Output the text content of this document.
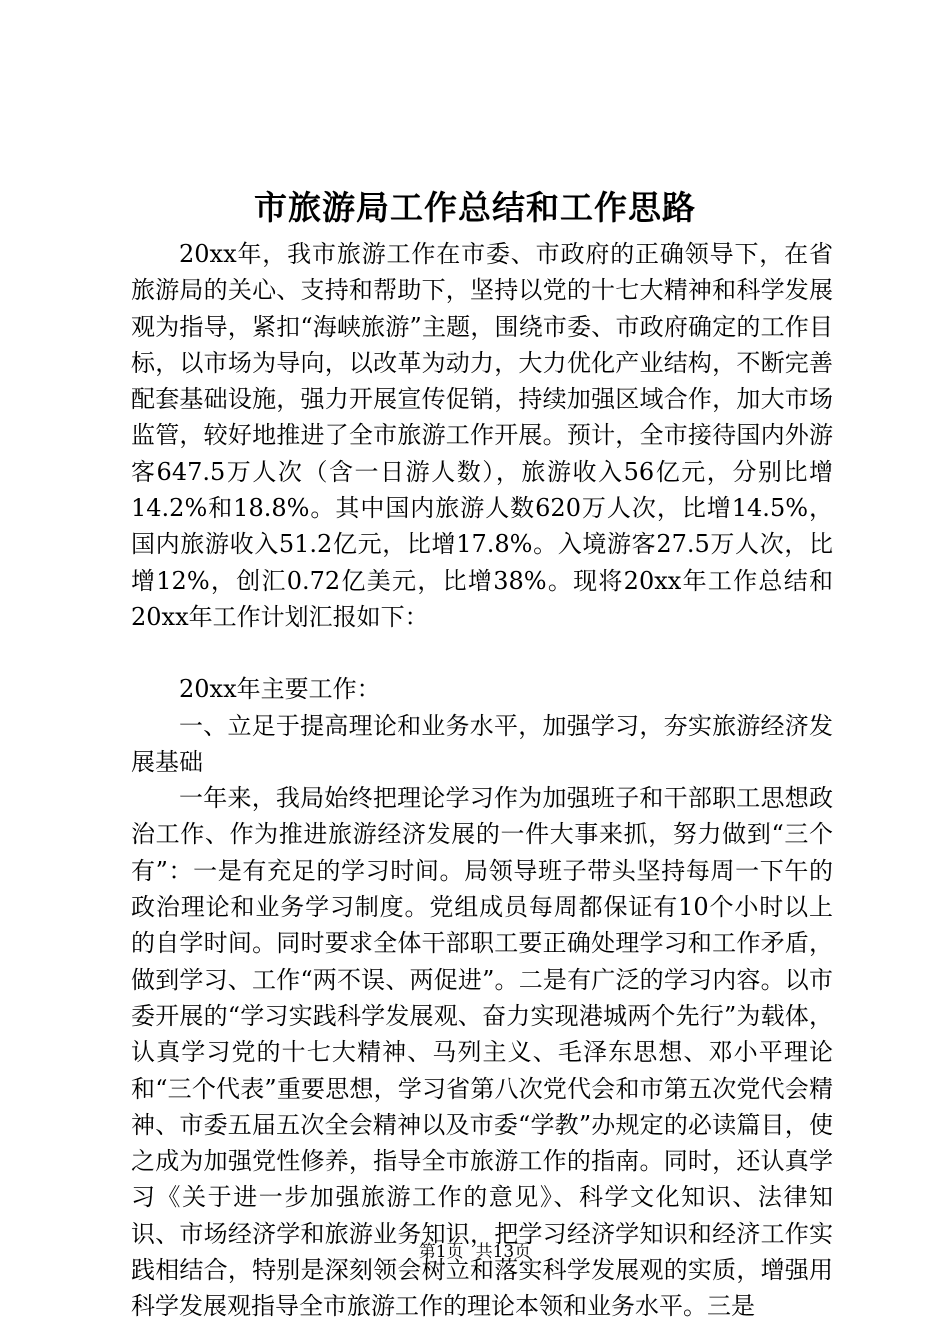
市旅游局工作总结和工作思路

20xx年，我市旅游工作在市委、市政府的正确领导下，在省旅游局的关心、支持和帮助下，坚持以党的十七大精神和科学发展观为指导，紧扣“海峡旅游”主题，围绕市委、市政府确定的工作目标，以市场为导向，以改革为动力，大力优化产业结构，不断完善配套基础设施，强力开展宣传促销，持续加强区域合作，加大市场监管，较好地推进了全市旅游工作开展。预计，全市接待国内外游客647.5万人次（含一日游人数），旅游收入56亿元，分别比增14.2%和18.8%。其中国内旅游人数620万人次，比增14.5%，国内旅游收入51.2亿元，比增17.8%。入境游客27.5万人次，比增12%，创汇0.72亿美元，比增38%。现将20xx年工作总结和20xx年工作计划汇报如下：

20xx年主要工作：

一、立足于提高理论和业务水平，加强学习，夯实旅游经济发展基础

一年来，我局始终把理论学习作为加强班子和干部职工思想政治工作、作为推进旅游经济发展的一件大事来抓，努力做到“三个有”：一是有充足的学习时间。局领导班子带头坚持每周一下午的政治理论和业务学习制度。党组成员每周都保证有10个小时以上的自学时间。同时要求全体干部职工要正确处理学习和工作矛盾，做到学习、工作“两不误、两促进”。二是有广泛的学习内容。以市委开展的“学习实践科学发展观、奋力实现港城两个先行”为载体，认真学习党的十七大精神、马列主义、毛泽东思想、邓小平理论和“三个代表”重要思想，学习省第八次党代会和市第五次党代会精神、市委五届五次全会精神以及市委“学教”办规定的必读篇目，使之成为加强党性修养，指导全市旅游工作的指南。同时，还认真学习《关于进一步加强旅游工作的意见》、科学文化知识、法律知识、市场经济学和旅游业务知识，把学习经济学知识和经济工作实践相结合，特别是深刻领会树立和落实科学发展观的实质，增强用科学发展观指导全市旅游工作的理论本领和业务水平。三是

第1页 共13页
